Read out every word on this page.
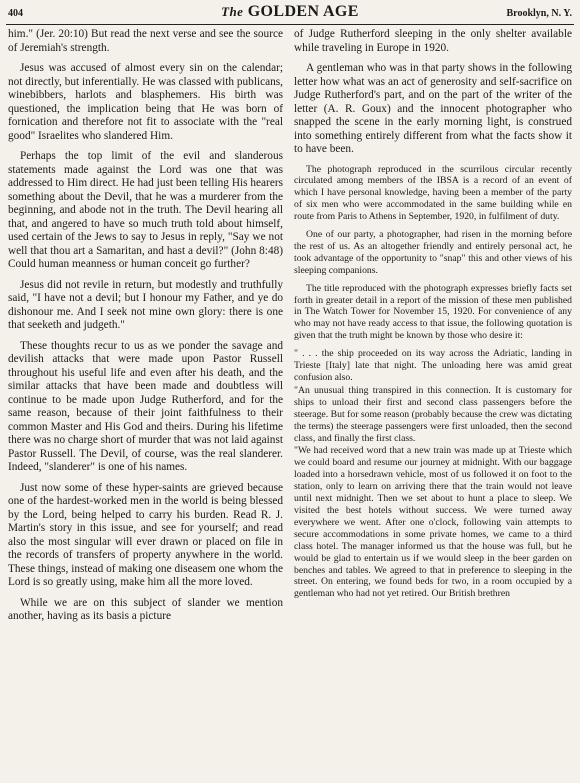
404	The GOLDEN AGE	Brooklyn, N. Y.

him." (Jer. 20:10) But read the next verse and see the source of Jeremiah's strength.

Jesus was accused of almost every sin on the calendar; not directly, but inferentially. He was classed with publicans, winebibbers, harlots and blasphemers. His birth was questioned, the implication being that He was born of fornication and therefore not fit to associate with the "real good" Israelites who slandered Him.

Perhaps the top limit of the evil and slanderous statements made against the Lord was one that was addressed to Him direct. He had just been telling His hearers something about the Devil, that he was a murderer from the beginning, and abode not in the truth. The Devil hearing all that, and angered to have so much truth told about himself, used certain of the Jews to say to Jesus in reply, "Say we not well that thou art a Samaritan, and hast a devil?" (John 8:48) Could human meanness or human conceit go further?

Jesus did not revile in return, but modestly and truthfully said, "I have not a devil; but I honour my Father, and ye do dishonour me. And I seek not mine own glory: there is one that seeketh and judgeth."

These thoughts recur to us as we ponder the savage and devilish attacks that were made upon Pastor Russell throughout his useful life and even after his death, and the similar attacks that have been made and doubtless will continue to be made upon Judge Rutherford, and for the same reason, because of their joint faithfulness to their common Master and His God and theirs. During his lifetime there was no charge short of murder that was not laid against Pastor Russell. The Devil, of course, was the real slanderer. Indeed, "slanderer" is one of his names.

Just now some of these hyper-saints are grieved because one of the hardest-worked men in the world is being blessed by the Lord, being helped to carry his burden. Read R. J. Martin's story in this issue, and see for yourself; and read also the most singular will ever drawn or placed on file in the records of transfers of property anywhere in the world. These things, instead of making one diseasem one whom the Lord is so greatly using, make him all the more loved.

While we are on this subject of slander we mention another, having as its basis a picture

of Judge Rutherford sleeping in the only shelter available while traveling in Europe in 1920.

A gentleman who was in that party shows in the following letter how what was an act of generosity and self-sacrifice on Judge Rutherford's part, and on the part of the writer of the letter (A. R. Goux) and the innocent photographer who snapped the scene in the early morning light, is construed into something entirely different from what the facts show it to have been.

The photograph reproduced in the scurrilous circular recently circulated among members of the IBSA is a record of an event of which I have personal knowledge, having been a member of the party of six men who were accommodated in the same building while en route from Paris to Athens in September, 1920, in fulfilment of duty.

One of our party, a photographer, had risen in the morning before the rest of us. As an altogether friendly and entirely personal act, he took advantage of the opportunity to "snap" this and other views of his sleeping companions.

The title reproduced with the photograph expresses briefly facts set forth in greater detail in a report of the mission of these men published in The Watch Tower for November 15, 1920. For convenience of any who may not have ready access to that issue, the following quotation is given that the truth might be known by those who desire it:

" . . . the ship proceeded on its way across the Adriatic, landing in Trieste [Italy] late that night. The unloading here was amid great confusion also.

"An unusual thing transpired in this connection. It is customary for ships to unload their first and second class passengers before the steerage. But for some reason (probably because the crew was dictating the terms) the steerage passengers were first unloaded, then the second class, and finally the first class.

"We had received word that a new train was made up at Trieste which we could board and resume our journey at midnight. With our baggage loaded into a horsedrawn vehicle, most of us followed it on foot to the station, only to learn on arriving there that the train would not leave until next midnight. Then we set about to hunt a place to sleep. We visited the best hotels without success. We were turned away everywhere we went. After one o'clock, following vain attempts to secure accommodations in some private homes, we came to a third class hotel. The manager informed us that the house was full, but he would be glad to entertain us if we would sleep in the beer garden on benches and tables. We agreed to that in preference to sleeping in the street. On entering, we found beds for two, in a room occupied by a gentleman who had not yet retired. Our British brethren
